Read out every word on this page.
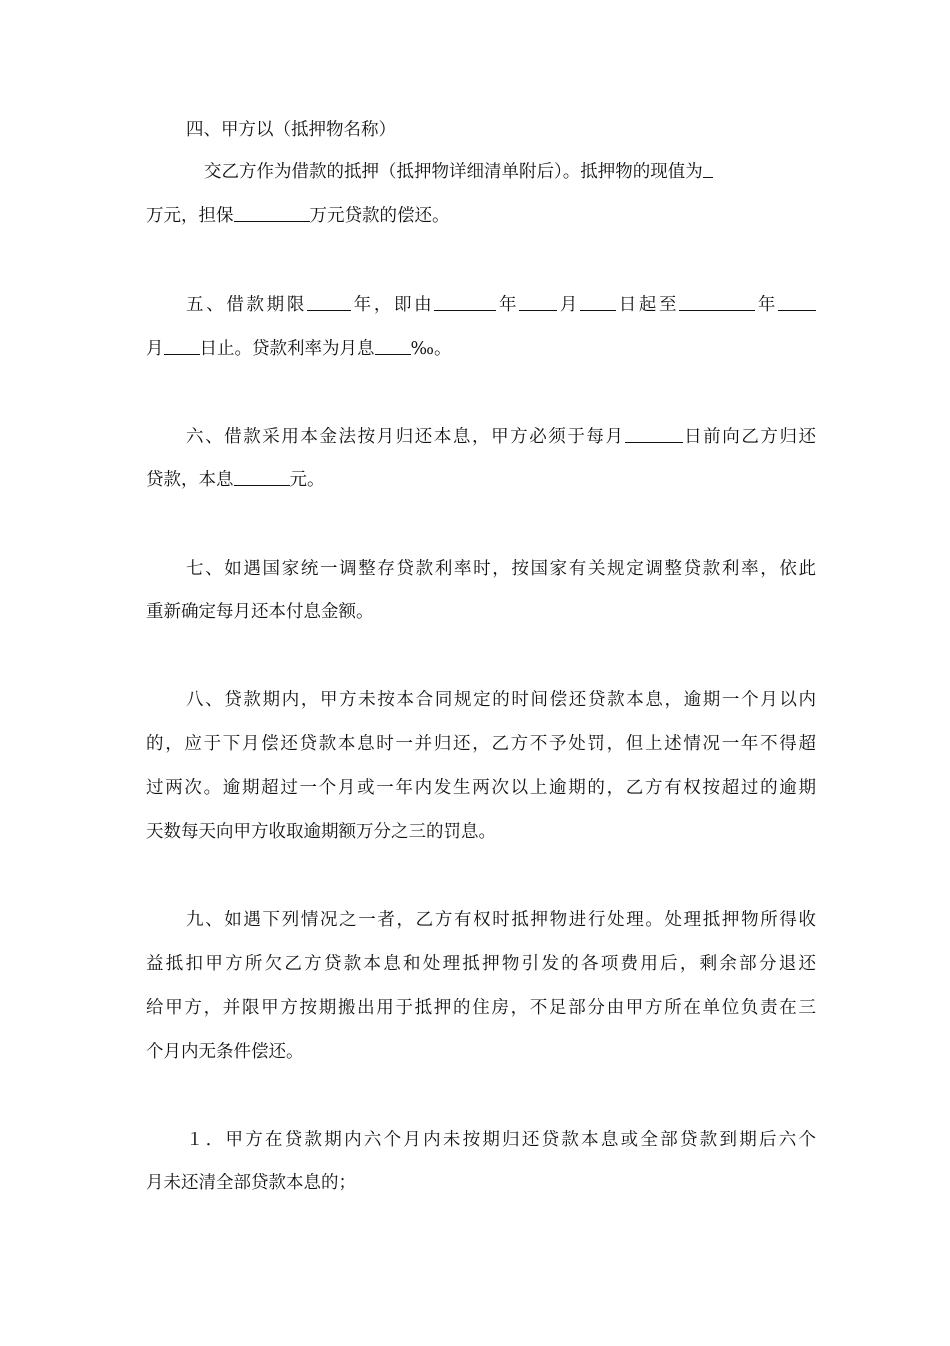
四、甲方以（抵押物名称）
交乙方作为借款的抵押（抵押物详细清单附后）。抵押物的现值为
万元，担保	万元贷款的偿还。
五、借款期限	年，即由	年 月 日起至	年
月 日止。贷款利率为月息 ‰。
六、借款采用本金法按月归还本息，甲方必须于每月	日前向乙方归还
贷款，本息	元。
七、如遇国家统一调整存贷款利率时，按国家有关规定调整贷款利率，依此
重新确定每月还本付息金额。
八、贷款期内，甲方未按本合同规定的时间偿还贷款本息，逾期一个月以内
的，应于下月偿还贷款本息时一并归还，乙方不予处罚，但上述情况一年不得超
过两次。逾期超过一个月或一年内发生两次以上逾期的，乙方有权按超过的逾期
天数每天向甲方收取逾期额万分之三的罚息。
九、如遇下列情况之一者，乙方有权时抵押物进行处理。处理抵押物所得收
益抵扣甲方所欠乙方贷款本息和处理抵押物引发的各项费用后，剩余部分退还
给甲方，并限甲方按期搬出用于抵押的住房，不足部分由甲方所在单位负责在三
个月内无条件偿还。
１．甲方在贷款期内六个月内未按期归还贷款本息或全部贷款到期后六个
月未还清全部贷款本息的；
